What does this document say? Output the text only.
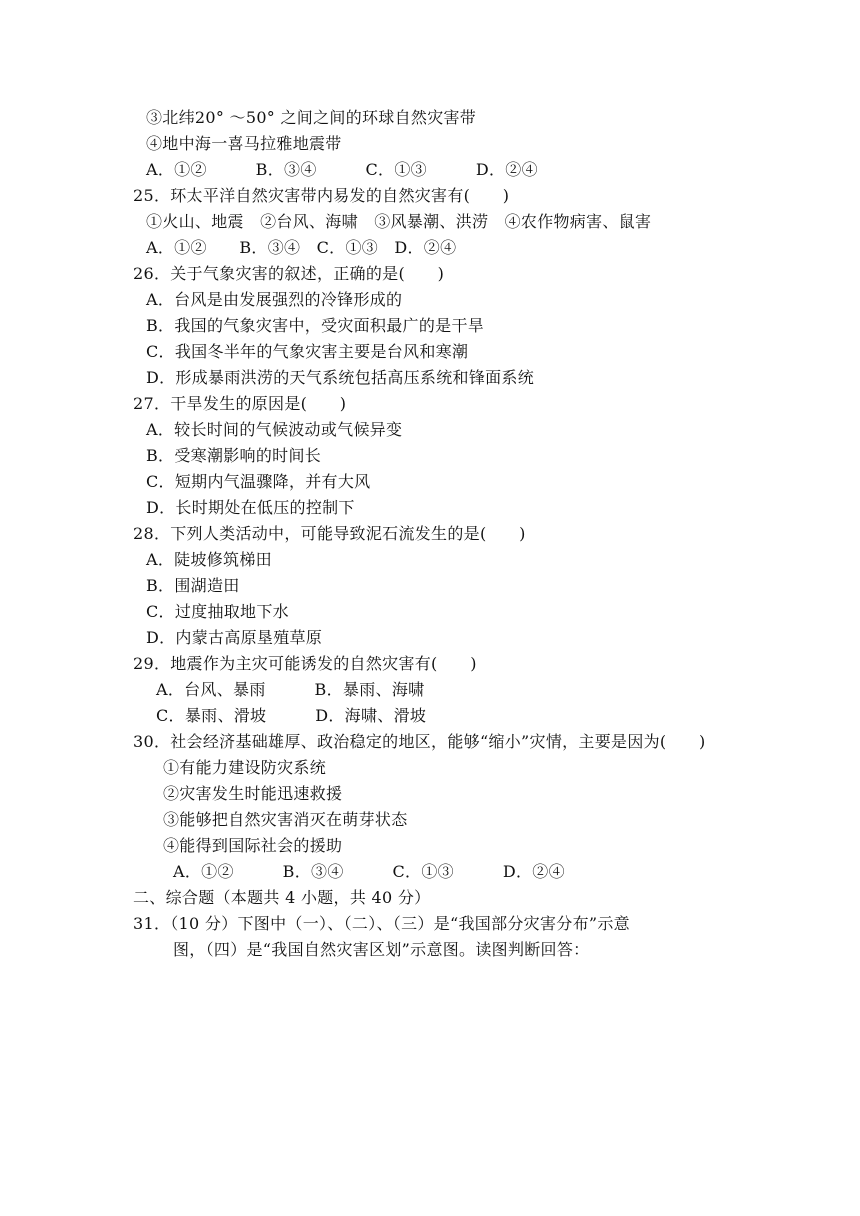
③北纬20° ～50° 之间之间的环球自然灾害带
④地中海一喜马拉雅地震带
A．①②　　　B．③④　　　C．①③　　　D．②④
25．环太平洋自然灾害带内易发的自然灾害有(　　)
①火山、地震　②台风、海啸　③风暴潮、洪涝　④农作物病害、鼠害
A．①②　　B．③④　C．①③　D．②④
26．关于气象灾害的叙述，正确的是(　　)
A．台风是由发展强烈的冷锋形成的
B．我国的气象灾害中，受灾面积最广的是干旱
C．我国冬半年的气象灾害主要是台风和寒潮
D．形成暴雨洪涝的天气系统包括高压系统和锋面系统
27．干旱发生的原因是(　　)
A．较长时间的气候波动或气候异变
B．受寒潮影响的时间长
C．短期内气温骤降，并有大风
D．长时期处在低压的控制下
28．下列人类活动中，可能导致泥石流发生的是(　　)
A．陡坡修筑梯田
B．围湖造田
C．过度抽取地下水
D．内蒙古高原垦殖草原
29．地震作为主灾可能诱发的自然灾害有(　　)
A．台风、暴雨　　　B．暴雨、海啸
C．暴雨、滑坡　　　D．海啸、滑坡
30．社会经济基础雄厚、政治稳定的地区，能够“缩小”灾情，主要是因为(　　)
①有能力建设防灾系统
②灾害发生时能迅速救援
③能够把自然灾害消灭在萌芽状态
④能得到国际社会的援助
A．①②　　　B．③④　　　C．①③　　　D．②④
二、综合题（本题共 4 小题，共 40 分）
31．（10 分）下图中（一）、（二）、（三）是“我国部分灾害分布”示意
图，（四）是“我国自然灾害区划”示意图。读图判断回答：
